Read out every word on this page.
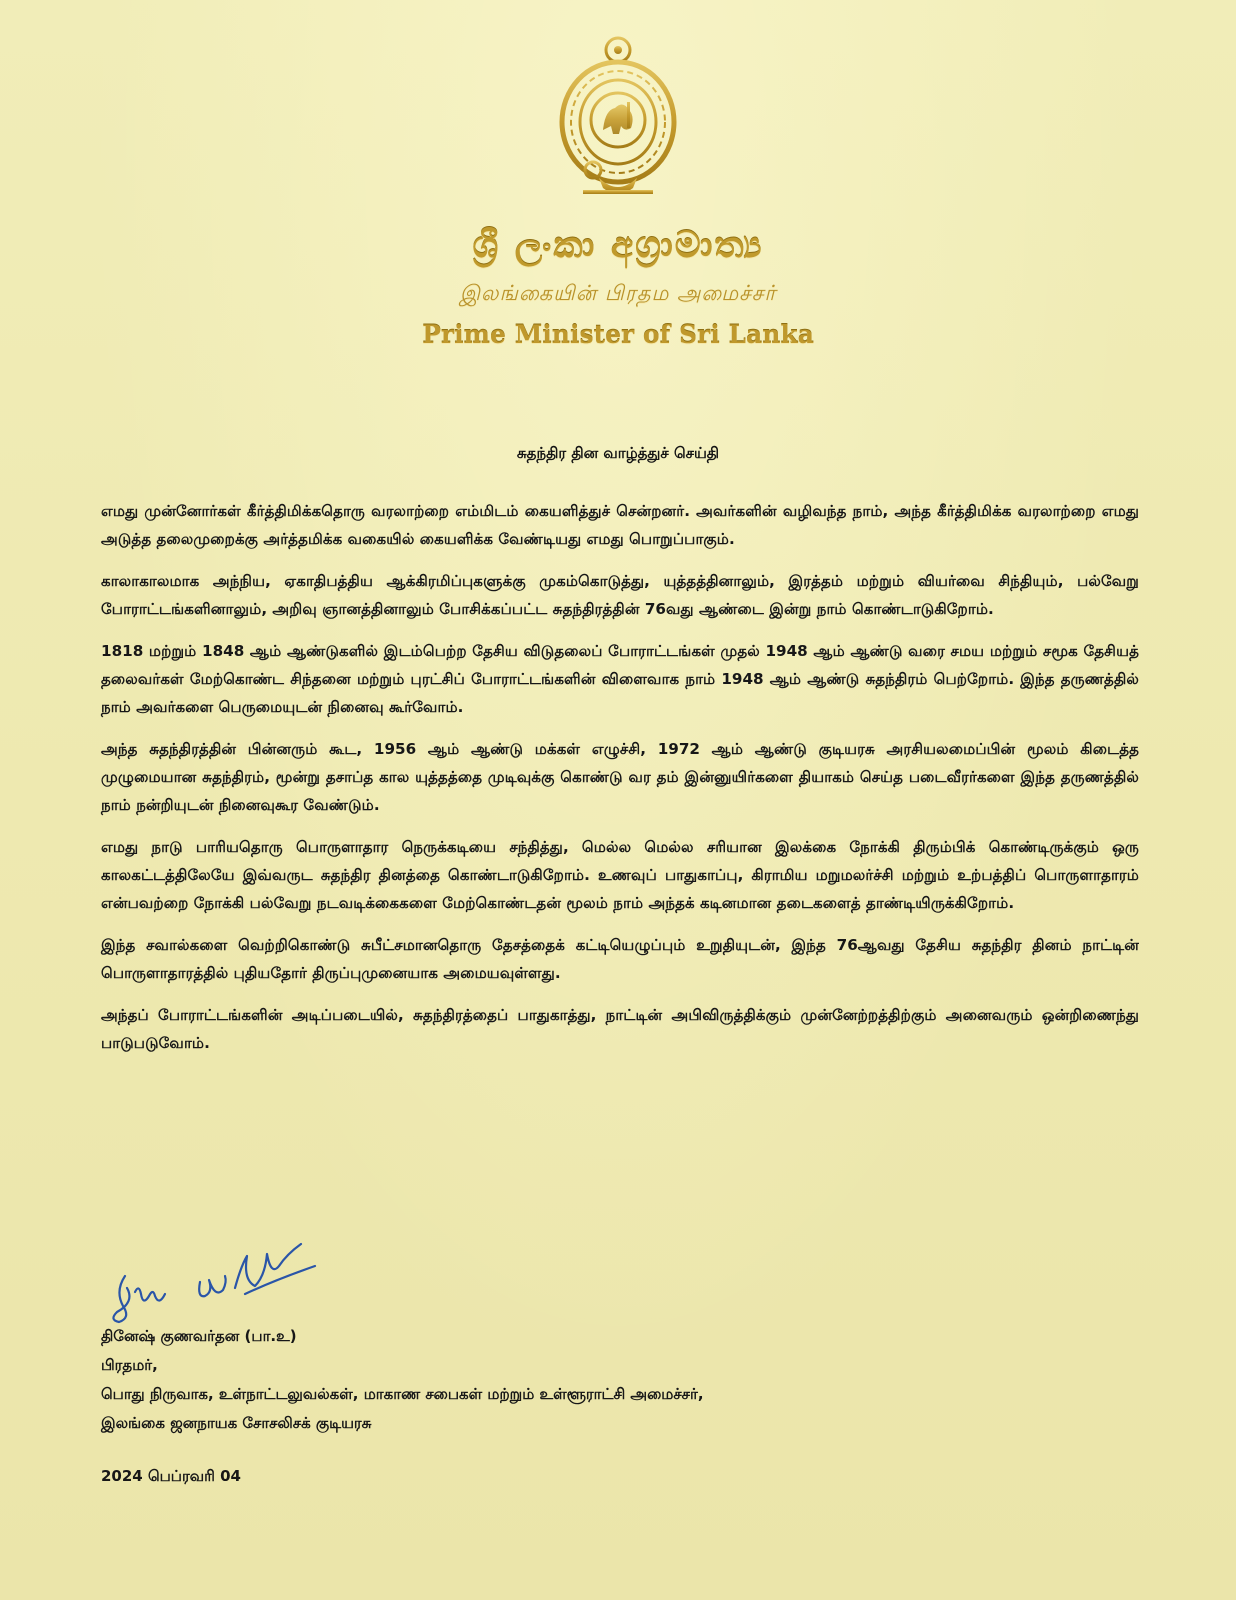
ශ්‍රී ලංකා අග්‍රාමාත්‍ය
இலங்கையின் பிரதம அமைச்சர்
Prime Minister of Sri Lanka
சுதந்திர தின வாழ்த்துச் செய்தி

எமது முன்னோர்கள் கீர்த்திமிக்கதொரு வரலாற்றை எம்மிடம் கையளித்துச் சென்றனர். அவர்களின் வழிவந்த நாம், அந்த கீர்த்திமிக்க வரலாற்றை எமது அடுத்த தலைமுறைக்கு அர்த்தமிக்க வகையில் கையளிக்க வேண்டியது எமது பொறுப்பாகும்.

காலாகாலமாக அந்நிய, ஏகாதிபத்திய ஆக்கிரமிப்புகளுக்கு முகம்கொடுத்து, யுத்தத்தினாலும், இரத்தம் மற்றும் வியர்வை சிந்தியும், பல்வேறு போராட்டங்களினாலும், அறிவு ஞானத்தினாலும் போசிக்கப்பட்ட சுதந்திரத்தின் 76வது ஆண்டை இன்று நாம் கொண்டாடுகிறோம்.

1818 மற்றும் 1848 ஆம் ஆண்டுகளில் இடம்பெற்ற தேசிய விடுதலைப் போராட்டங்கள் முதல் 1948 ஆம் ஆண்டு வரை சமய மற்றும் சமூக தேசியத் தலைவர்கள் மேற்கொண்ட சிந்தனை மற்றும் புரட்சிப் போராட்டங்களின் விளைவாக நாம் 1948 ஆம் ஆண்டு சுதந்திரம் பெற்றோம். இந்த தருணத்தில் நாம் அவர்களை பெருமையுடன் நினைவு கூர்வோம்.

அந்த சுதந்திரத்தின் பின்னரும் கூட, 1956 ஆம் ஆண்டு மக்கள் எழுச்சி, 1972 ஆம் ஆண்டு குடியரசு அரசியலமைப்பின் மூலம் கிடைத்த முழுமையான சுதந்திரம், மூன்று தசாப்த கால யுத்தத்தை முடிவுக்கு கொண்டு வர தம் இன்னுயிர்களை தியாகம் செய்த படைவீரர்களை இந்த தருணத்தில் நாம் நன்றியுடன் நினைவுகூர வேண்டும்.

எமது நாடு பாரியதொரு பொருளாதார நெருக்கடியை சந்தித்து, மெல்ல மெல்ல சரியான இலக்கை நோக்கி திரும்பிக் கொண்டிருக்கும் ஒரு காலகட்டத்திலேயே இவ்வருட சுதந்திர தினத்தை கொண்டாடுகிறோம். உணவுப் பாதுகாப்பு, கிராமிய மறுமலர்ச்சி மற்றும் உற்பத்திப் பொருளாதாரம் என்பவற்றை நோக்கி பல்வேறு நடவடிக்கைகளை மேற்கொண்டதன் மூலம் நாம் அந்தக் கடினமான தடைகளைத் தாண்டியிருக்கிறோம்.

இந்த சவால்களை வெற்றிகொண்டு சுபீட்சமானதொரு தேசத்தைக் கட்டியெழுப்பும் உறுதியுடன், இந்த 76ஆவது தேசிய சுதந்திர தினம் நாட்டின் பொருளாதாரத்தில் புதியதோர் திருப்புமுனையாக அமையவுள்ளது.

அந்தப் போராட்டங்களின் அடிப்படையில், சுதந்திரத்தைப் பாதுகாத்து, நாட்டின் அபிவிருத்திக்கும் முன்னேற்றத்திற்கும் அனைவரும் ஒன்றிணைந்து பாடுபடுவோம்.

தினேஷ் குணவர்தன (பா.உ)
பிரதமர்,
பொது நிருவாக, உள்நாட்டலுவல்கள், மாகாண சபைகள் மற்றும் உள்ளூராட்சி அமைச்சர்,
இலங்கை ஜனநாயக சோசலிசக் குடியரசு
2024 பெப்ரவரி 04
